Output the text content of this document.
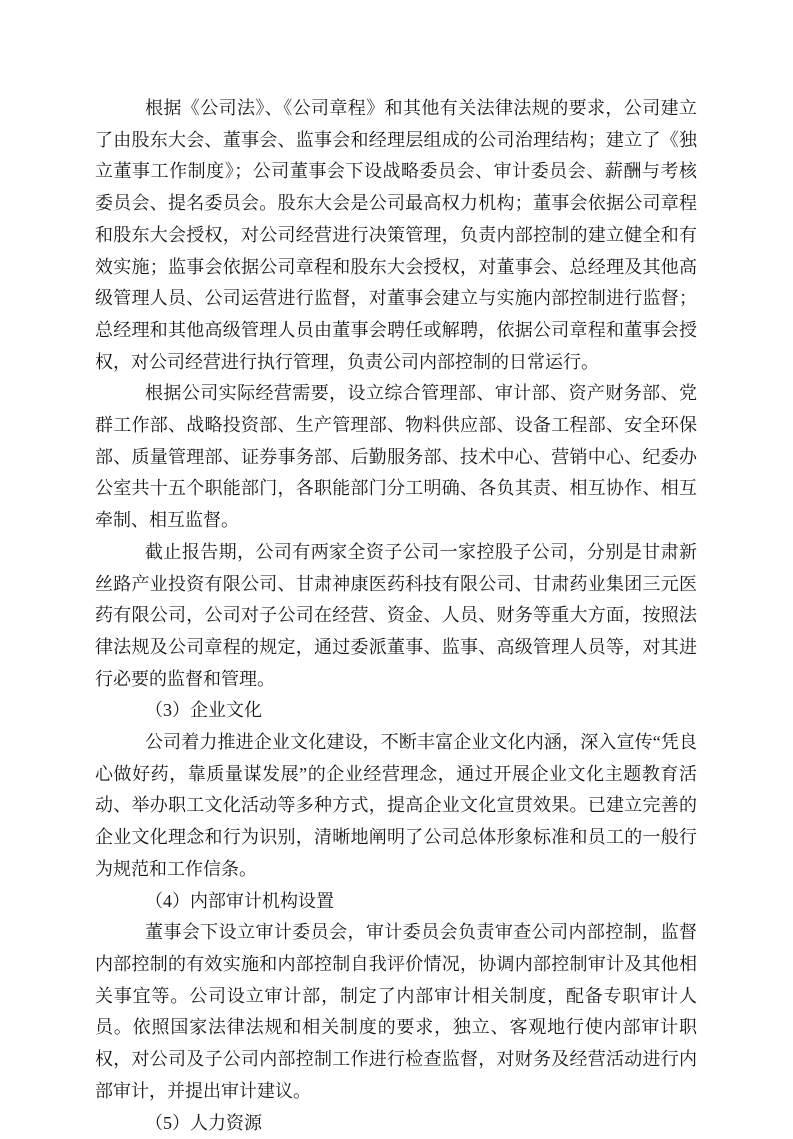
根据《公司法》、《公司章程》和其他有关法律法规的要求，公司建立了由股东大会、董事会、监事会和经理层组成的公司治理结构；建立了《独立董事工作制度》；公司董事会下设战略委员会、审计委员会、薪酬与考核委员会、提名委员会。股东大会是公司最高权力机构；董事会依据公司章程和股东大会授权，对公司经营进行决策管理，负责内部控制的建立健全和有效实施；监事会依据公司章程和股东大会授权，对董事会、总经理及其他高级管理人员、公司运营进行监督，对董事会建立与实施内部控制进行监督；总经理和其他高级管理人员由董事会聘任或解聘，依据公司章程和董事会授权，对公司经营进行执行管理，负责公司内部控制的日常运行。

根据公司实际经营需要，设立综合管理部、审计部、资产财务部、党群工作部、战略投资部、生产管理部、物料供应部、设备工程部、安全环保部、质量管理部、证券事务部、后勤服务部、技术中心、营销中心、纪委办公室共十五个职能部门，各职能部门分工明确、各负其责、相互协作、相互牵制、相互监督。

截止报告期，公司有两家全资子公司一家控股子公司，分别是甘肃新丝路产业投资有限公司、甘肃神康医药科技有限公司、甘肃药业集团三元医药有限公司，公司对子公司在经营、资金、人员、财务等重大方面，按照法律法规及公司章程的规定，通过委派董事、监事、高级管理人员等，对其进行必要的监督和管理。

（3）企业文化

公司着力推进企业文化建设，不断丰富企业文化内涵，深入宣传“凭良心做好药，靠质量谋发展”的企业经营理念，通过开展企业文化主题教育活动、举办职工文化活动等多种方式，提高企业文化宣贯效果。已建立完善的企业文化理念和行为识别，清晰地阐明了公司总体形象标准和员工的一般行为规范和工作信条。

（4）内部审计机构设置

董事会下设立审计委员会，审计委员会负责审查公司内部控制，监督内部控制的有效实施和内部控制自我评价情况，协调内部控制审计及其他相关事宜等。公司设立审计部，制定了内部审计相关制度，配备专职审计人员。依照国家法律法规和相关制度的要求，独立、客观地行使内部审计职权，对公司及子公司内部控制工作进行检查监督，对财务及经营活动进行内部审计，并提出审计建议。

（5）人力资源
